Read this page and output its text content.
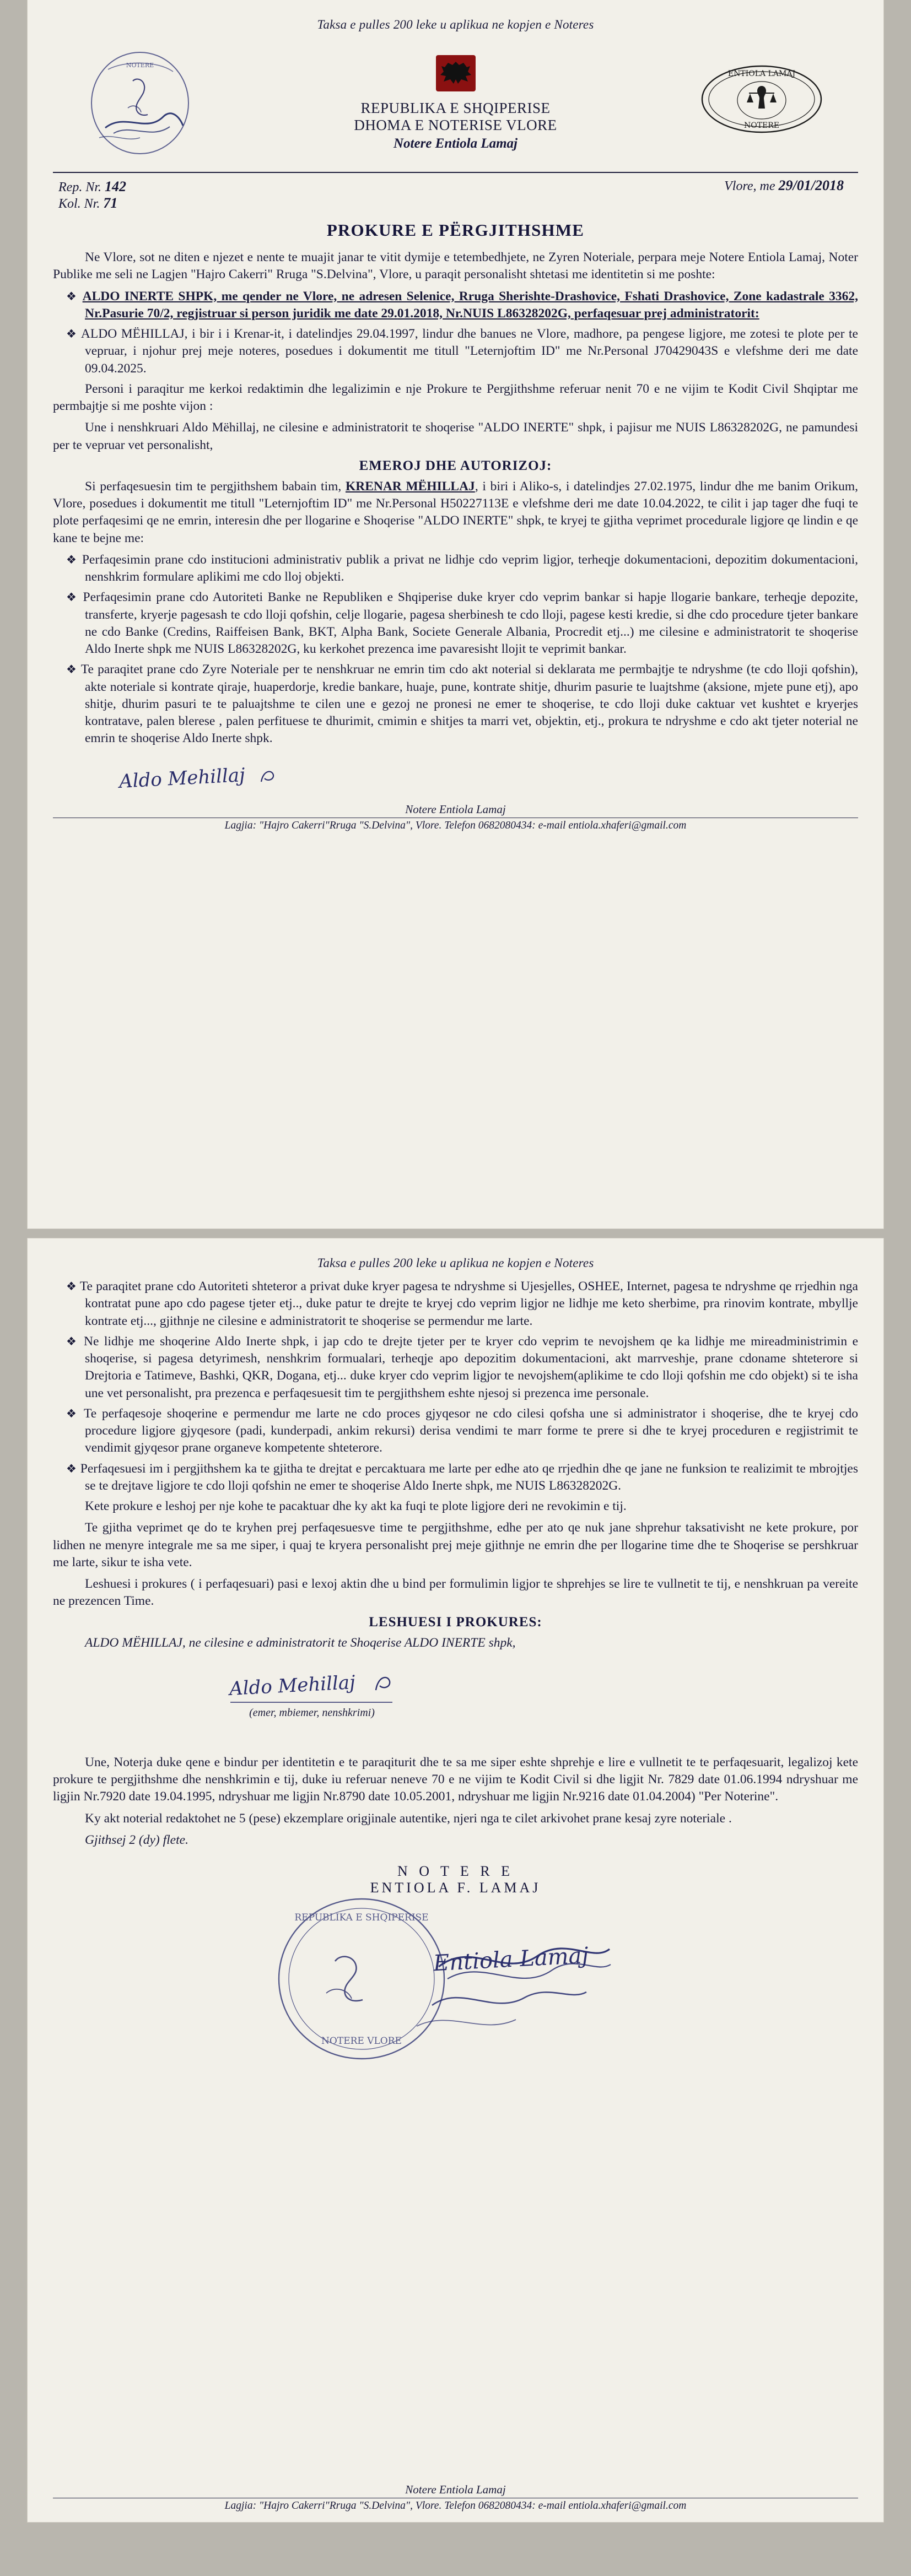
Taksa e pulles 200 leke u aplikua ne kopjen e Noteres
NOTERE
REPUBLIKA E SHQIPERISE
DHOMA E NOTERISE VLORE
Notere Entiola Lamaj
ENTIOLA LAMAJ
NOTERE
Rep. Nr. 142
Kol. Nr. 71
Vlore, me 29/01/2018
PROKURE E PËRGJITHSHME

Ne Vlore, sot ne diten e njezet e nente te muajit janar te vitit dymije e tetembedhjete, ne Zyren Noteriale, perpara meje Notere Entiola Lamaj, Noter Publike me seli ne Lagjen "Hajro Cakerri" Rruga "S.Delvina", Vlore, u paraqit personalisht shtetasi me identitetin si me poshte:

❖ ALDO INERTE SHPK, me qender ne Vlore, ne adresen Selenice, Rruga Sherishte-Drashovice, Fshati Drashovice, Zone kadastrale 3362, Nr.Pasurie 70/2, regjistruar si person juridik me date 29.01.2018, Nr.NUIS L86328202G, perfaqesuar prej administratorit:

❖ ALDO MËHILLAJ, i bir i i Krenar-it, i datelindjes 29.04.1997, lindur dhe banues ne Vlore, madhore, pa pengese ligjore, me zotesi te plote per te vepruar, i njohur prej meje noteres, posedues i dokumentit me titull "Leternjoftim ID" me Nr.Personal J70429043S e vlefshme deri me date 09.04.2025.

Personi i paraqitur me kerkoi redaktimin dhe legalizimin e nje Prokure te Pergjithshme referuar nenit 70 e ne vijim te Kodit Civil Shqiptar me permbajtje si me poshte vijon :

Une i nenshkruari Aldo Mëhillaj, ne cilesine e administratorit te shoqerise "ALDO INERTE" shpk, i pajisur me NUIS L86328202G, ne pamundesi per te vepruar vet personalisht,

EMEROJ DHE AUTORIZOJ:

Si perfaqesuesin tim te pergjithshem babain tim, KRENAR MËHILLAJ, i biri i Aliko-s, i datelindjes 27.02.1975, lindur dhe me banim Orikum, Vlore, posedues i dokumentit me titull "Leternjoftim ID" me Nr.Personal H50227113E e vlefshme deri me date 10.04.2022, te cilit i jap tager dhe fuqi te plote perfaqesimi qe ne emrin, interesin dhe per llogarine e Shoqerise "ALDO INERTE" shpk, te kryej te gjitha veprimet procedurale ligjore qe lindin e qe kane te bejne me:

❖ Perfaqesimin prane cdo institucioni administrativ publik a privat ne lidhje cdo veprim ligjor, terheqje dokumentacioni, depozitim dokumentacioni, nenshkrim formulare aplikimi me cdo lloj objekti.

❖ Perfaqesimin prane cdo Autoriteti Banke ne Republiken e Shqiperise duke kryer cdo veprim bankar si hapje llogarie bankare, terheqje depozite, transferte, kryerje pagesash te cdo lloji qofshin, celje llogarie, pagesa sherbinesh te cdo lloji, pagese kesti kredie, si dhe cdo procedure tjeter bankare ne cdo Banke (Credins, Raiffeisen Bank, BKT, Alpha Bank, Societe Generale Albania, Procredit etj...) me cilesine e administratorit te shoqerise Aldo Inerte shpk me NUIS L86328202G, ku kerkohet prezenca ime pavaresisht llojit te veprimit bankar.

❖ Te paraqitet prane cdo Zyre Noteriale per te nenshkruar ne emrin tim cdo akt noterial si deklarata me permbajtje te ndryshme (te cdo lloji qofshin), akte noteriale si kontrate qiraje, huaperdorje, kredie bankare, huaje, pune, kontrate shitje, dhurim pasurie te luajtshme (aksione, mjete pune etj), apo shitje, dhurim pasuri te te paluajtshme te cilen une e gezoj ne pronesi ne emer te shoqerise, te cdo lloji duke caktuar vet kushtet e kryerjes kontratave, palen blerese , palen perfituese te dhurimit, cmimin e shitjes ta marri vet, objektin, etj., prokura te ndryshme e cdo akt tjeter noterial ne emrin te shoqerise Aldo Inerte shpk.

Aldo Mehillaj
Notere Entiola Lamaj
Lagjia: "Hajro Cakerri"Rruga "S.Delvina", Vlore. Telefon 0682080434: e-mail entiola.xhaferi@gmail.com
Taksa e pulles 200 leke u aplikua ne kopjen e Noteres

❖ Te paraqitet prane cdo Autoriteti shteteror a privat duke kryer pagesa te ndryshme si Ujesjelles, OSHEE, Internet, pagesa te ndryshme qe rrjedhin nga kontratat pune apo cdo pagese tjeter etj.., duke patur te drejte te kryej cdo veprim ligjor ne lidhje me keto sherbime, pra rinovim kontrate, mbyllje kontrate etj..., gjithnje ne cilesine e administratorit te shoqerise se permendur me larte.

❖ Ne lidhje me shoqerine Aldo Inerte shpk, i jap cdo te drejte tjeter per te kryer cdo veprim te nevojshem qe ka lidhje me mireadministrimin e shoqerise, si pagesa detyrimesh, nenshkrim formualari, terheqje apo depozitim dokumentacioni, akt marrveshje, prane cdoname shteterore si Drejtoria e Tatimeve, Bashki, QKR, Dogana, etj... duke kryer cdo veprim ligjor te nevojshem(aplikime te cdo lloji qofshin me cdo objekt) si te isha une vet personalisht, pra prezenca e perfaqesuesit tim te pergjithshem eshte njesoj si prezenca ime personale.

❖ Te perfaqesoje shoqerine e permendur me larte ne cdo proces gjyqesor ne cdo cilesi qofsha une si administrator i shoqerise, dhe te kryej cdo procedure ligjore gjyqesore (padi, kunderpadi, ankim rekursi) derisa vendimi te marr forme te prere si dhe te kryej proceduren e regjistrimit te vendimit gjyqesor prane organeve kompetente shteterore.

❖ Perfaqesuesi im i pergjithshem ka te gjitha te drejtat e percaktuara me larte per edhe ato qe rrjedhin dhe qe jane ne funksion te realizimit te mbrojtjes se te drejtave ligjore te cdo lloji qofshin ne emer te shoqerise Aldo Inerte shpk, me NUIS L86328202G.

Kete prokure e leshoj per nje kohe te pacaktuar dhe ky akt ka fuqi te plote ligjore deri ne revokimin e tij.

Te gjitha veprimet qe do te kryhen prej perfaqesuesve time te pergjithshme, edhe per ato qe nuk jane shprehur taksativisht ne kete prokure, por lidhen ne menyre integrale me sa me siper, i quaj te kryera personalisht prej meje gjithnje ne emrin dhe per llogarine time dhe te Shoqerise se pershkruar me larte, sikur te isha vete.

Leshuesi i prokures ( i perfaqesuari) pasi e lexoj aktin dhe u bind per formulimin ligjor te shprehjes se lire te vullnetit te tij, e nenshkruan pa vereite ne prezencen Time.

LESHUESI I PROKURES:

ALDO MËHILLAJ, ne cilesine e administratorit te Shoqerise ALDO INERTE shpk,

Aldo Mehillaj
(emer, mbiemer, nenshkrimi)

Une, Noterja duke qene e bindur per identitetin e te paraqiturit dhe te sa me siper eshte shprehje e lire e vullnetit te te perfaqesuarit, legalizoj kete prokure te pergjithshme dhe nenshkrimin e tij, duke iu referuar neneve 70 e ne vijim te Kodit Civil si dhe ligjit Nr. 7829 date 01.06.1994 ndryshuar me ligjin Nr.7920 date 19.04.1995, ndryshuar me ligjin Nr.8790 date 10.05.2001, ndryshuar me ligjin Nr.9216 date 01.04.2004) "Per Noterine".

Ky akt noterial redaktohet ne 5 (pese) ekzemplare origjinale autentike, njeri nga te cilet arkivohet prane kesaj zyre noteriale .

Gjithsej 2 (dy) flete.

N O T E R E
ENTIOLA F. LAMAJ
REPUBLIKA E SHQIPERISE
NOTERE VLORE
Entiola Lamaj
Notere Entiola Lamaj
Lagjia: "Hajro Cakerri"Rruga "S.Delvina", Vlore. Telefon 0682080434: e-mail entiola.xhaferi@gmail.com
